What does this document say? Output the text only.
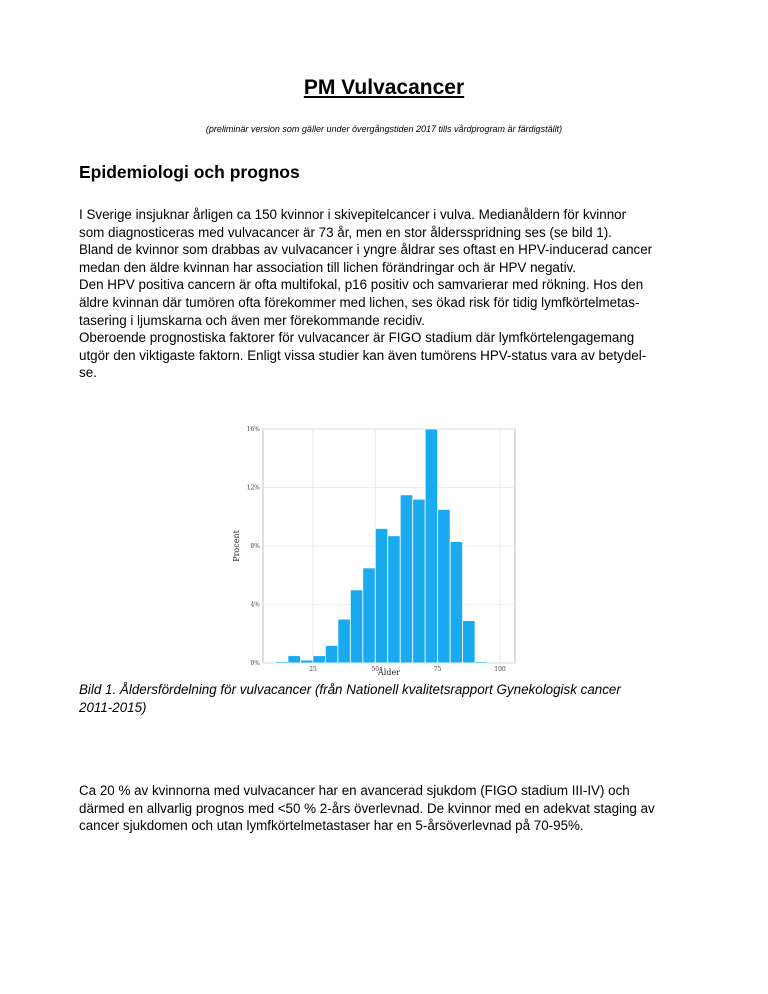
PM Vulvacancer
(preliminär version som gäller under övergångstiden 2017 tills vårdprogram är färdigställt)
Epidemiologi och prognos
I Sverige insjuknar årligen ca 150 kvinnor i skivepitelcancer i vulva. Medianåldern för kvinnor
som diagnosticeras med vulvacancer är 73 år, men en stor åldersspridning ses (se bild 1).
Bland de kvinnor som drabbas av vulvacancer i yngre åldrar ses oftast en HPV-inducerad cancer
medan den äldre kvinnan har association till lichen förändringar och är HPV negativ.
Den HPV positiva cancern är ofta multifokal, p16 positiv och samvarierar med rökning. Hos den
äldre kvinnan där tumören ofta förekommer med lichen, ses ökad risk för tidig lymfkörtelmetas-
tasering i ljumskarna och även mer förekommande recidiv.
Oberoende prognostiska faktorer för vulvacancer är FIGO stadium där lymfkörtelengagemang
utgör den viktigaste faktorn. Enligt vissa studier kan även tumörens HPV-status vara av betydel-
se.
0%
4%
8%
12%
16%
25	50	75	100
Procent
Ålder
Bild 1. Åldersfördelning för vulvacancer (från Nationell kvalitetsrapport Gynekologisk cancer
2011-2015)
Ca 20 % av kvinnorna med vulvacancer har en avancerad sjukdom (FIGO stadium III-IV) och
därmed en allvarlig prognos med <50 % 2-års överlevnad. De kvinnor med en adekvat staging av
cancer sjukdomen och utan lymfkörtelmetastaser har en 5-årsöverlevnad på 70-95%.
